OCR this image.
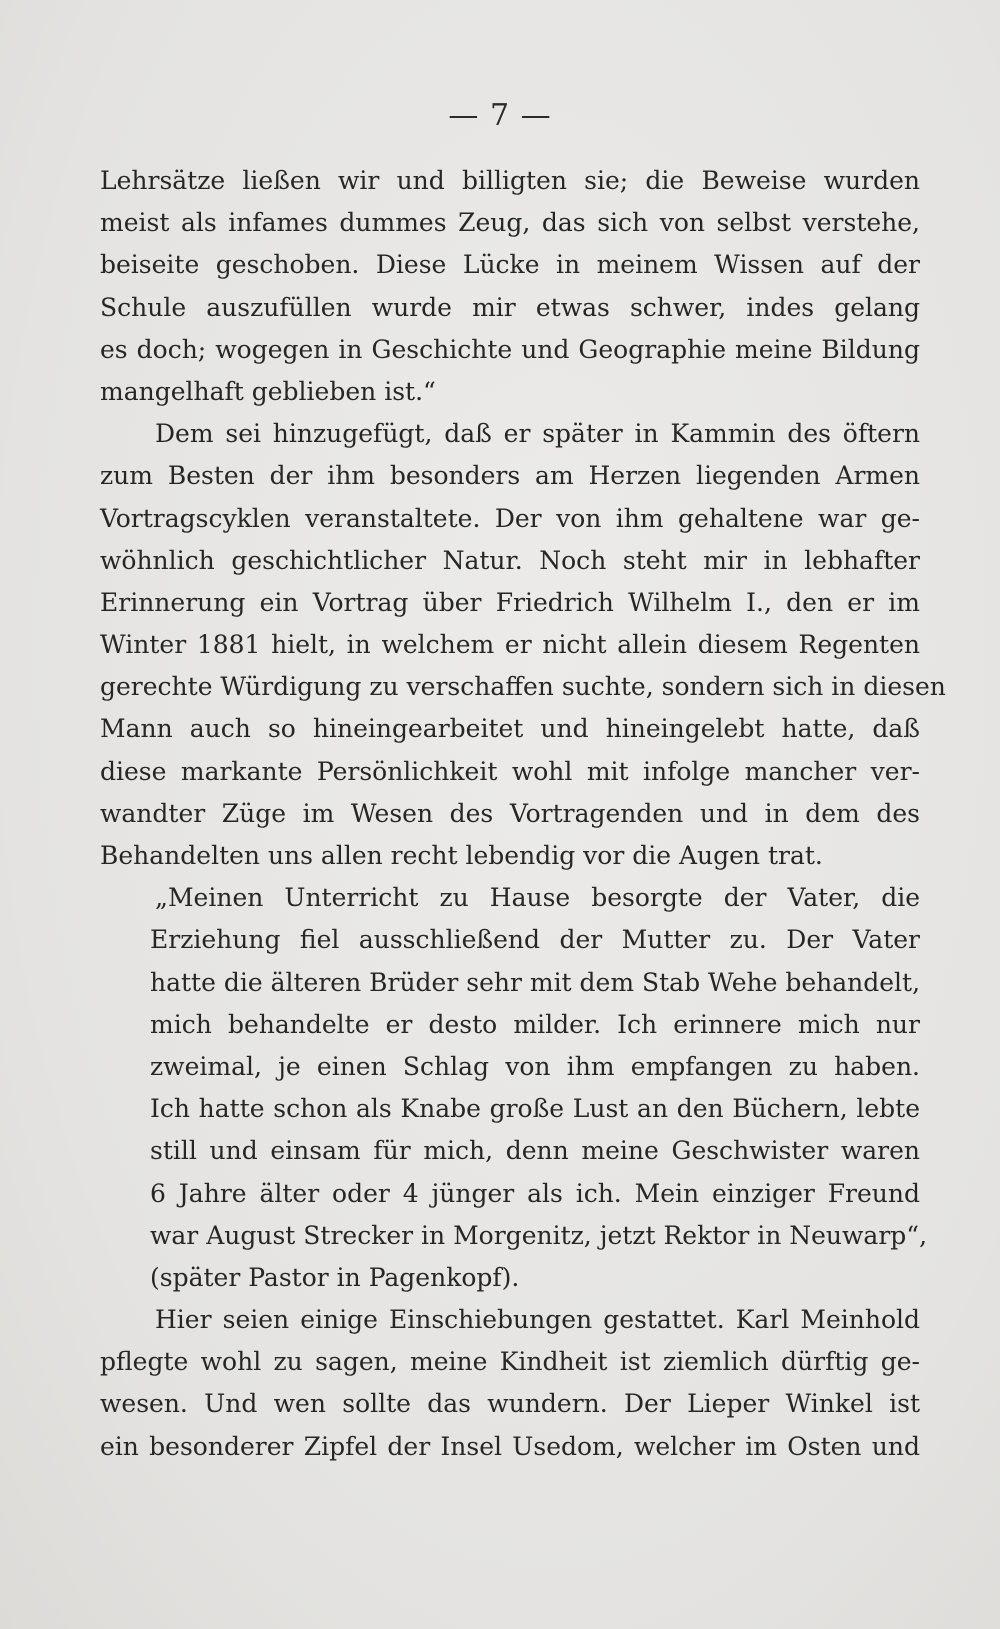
— 7 —
Lehrsätze ließen wir und billigten sie; die Beweise wurden
meist als infames dummes Zeug, das sich von selbst verstehe,
beiseite geschoben. Diese Lücke in meinem Wissen auf der
Schule auszufüllen wurde mir etwas schwer, indes gelang
es doch; wogegen in Geschichte und Geographie meine Bildung
mangelhaft geblieben ist.“
Dem sei hinzugefügt, daß er später in Kammin des öftern
zum Besten der ihm besonders am Herzen liegenden Armen
Vortragscyklen veranstaltete. Der von ihm gehaltene war ge-
wöhnlich geschichtlicher Natur. Noch steht mir in lebhafter
Erinnerung ein Vortrag über Friedrich Wilhelm I., den er im
Winter 1881 hielt, in welchem er nicht allein diesem Regenten
gerechte Würdigung zu verschaffen suchte, sondern sich in diesen
Mann auch so hineingearbeitet und hineingelebt hatte, daß
diese markante Persönlichkeit wohl mit infolge mancher ver-
wandter Züge im Wesen des Vortragenden und in dem des
Behandelten uns allen recht lebendig vor die Augen trat.
„Meinen Unterricht zu Hause besorgte der Vater, die
Erziehung fiel ausschließend der Mutter zu. Der Vater
hatte die älteren Brüder sehr mit dem Stab Wehe behandelt,
mich behandelte er desto milder. Ich erinnere mich nur
zweimal, je einen Schlag von ihm empfangen zu haben.
Ich hatte schon als Knabe große Lust an den Büchern, lebte
still und einsam für mich, denn meine Geschwister waren
6 Jahre älter oder 4 jünger als ich. Mein einziger Freund
war August Strecker in Morgenitz, jetzt Rektor in Neuwarp“,
(später Pastor in Pagenkopf).
Hier seien einige Einschiebungen gestattet. Karl Meinhold
pflegte wohl zu sagen, meine Kindheit ist ziemlich dürftig ge-
wesen. Und wen sollte das wundern. Der Lieper Winkel ist
ein besonderer Zipfel der Insel Usedom, welcher im Osten und
